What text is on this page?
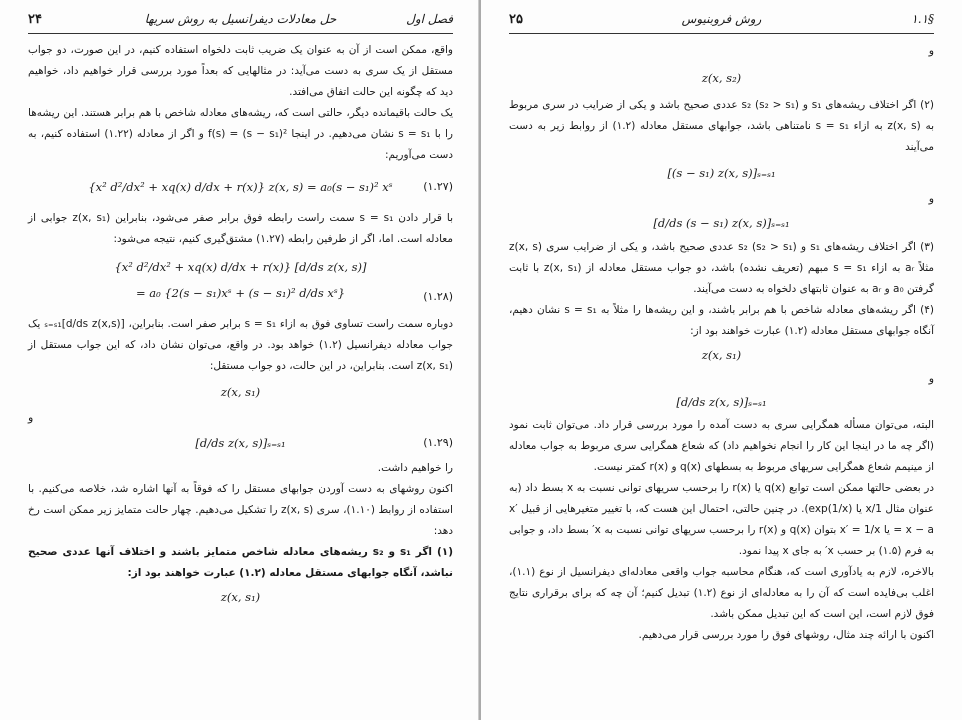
فصل اول
حل معادلات دیفرانسیل به روش سریها
۲۴

واقع، ممکن است از آن به عنوان یک ضریب ثابت دلخواه استفاده کنیم، در این صورت، دو جواب مستقل از یک سری به دست می‌آید: در مثالهایی که بعداً مورد بررسی قرار خواهیم داد، خواهیم دید که چگونه این حالت اتفاق می‌افتد.

یک حالت باقیمانده دیگر، حالتی است که، ریشه‌های معادله شاخص با هم برابر هستند. این ریشه‌ها را با s = s₁ نشان می‌دهیم. در اینجا f(s) = (s − s₁)² و اگر از معادله (۱.۲۲) استفاده کنیم، به دست می‌آوریم:

(۱.۲۷)
{x² d²/dx² + xq(x) d/dx + r(x)} z(x, s) = a₀(s − s₁)² xˢ

با قرار دادن s = s₁ سمت راست رابطه فوق برابر صفر می‌شود، بنابراین z(x, s₁) جوابی از معادله است. اما، اگر از طرفین رابطه (۱.۲۷) مشتق‌گیری کنیم، نتیجه می‌شود:

(۱.۲۸)
{x² d²/dx² + xq(x) d/dx + r(x)} [d/ds z(x, s)]
= a₀ {2(s − s₁)xˢ + (s − s₁)² d/ds xˢ}

دوباره سمت راست تساوی فوق به ازاء s = s₁ برابر صفر است. بنابراین، [d/ds z(x,s)]ₛ₌ₛ₁ یک جواب معادله دیفرانسیل (۱.۲) خواهد بود. در واقع، می‌توان نشان داد، که این جواب مستقل از z(x, s₁) است. بنابراین، در این حالت، دو جواب مستقل:

z(x, s₁)
و
(۱.۲۹)
[d/ds z(x, s)]ₛ₌ₛ₁

را خواهیم داشت.

اکنون روشهای به دست آوردن جوابهای مستقل را که فوقاً به آنها اشاره شد، خلاصه می‌کنیم. با استفاده از روابط (۱.۱۰)، سری z(x, s) را تشکیل می‌دهیم. چهار حالت متمایز زیر ممکن است رخ دهد:

(۱) اگر s₁ و s₂ ریشه‌های معادله شاخص متمایز باشند و اختلاف آنها عددی صحیح نباشد، آنگاه جوابهای مستقل معادله (۱.۲) عبارت خواهند بود از:

z(x, s₁)
§۱.۱
روش فروبنیوس
۲۵
و
z(x, s₂)

(۲) اگر اختلاف ریشه‌های s₁ و s₂ (s₂ > s₁) عددی صحیح باشد و یکی از ضرایب در سری مربوط به z(x, s) به ازاء s = s₁ نامتناهی باشد، جوابهای مستقل معادله (۱.۲) از روابط زیر به دست می‌آیند

[(s − s₁) z(x, s)]ₛ₌ₛ₁
و
[d/ds (s − s₁) z(x, s)]ₛ₌ₛ₁

(۳) اگر اختلاف ریشه‌های s₁ و s₂ (s₂ > s₁) عددی صحیح باشد، و یکی از ضرایب سری z(x, s) مثلاً aᵣ به ازاء s = s₁ مبهم (تعریف نشده) باشد، دو جواب مستقل معادله از z(x, s₁) با ثابت گرفتن a₀ و aᵣ به عنوان ثابتهای دلخواه به دست می‌آیند.

(۴) اگر ریشه‌های معادله شاخص با هم برابر باشند، و این ریشه‌ها را مثلاً به s = s₁ نشان دهیم، آنگاه جوابهای مستقل معادله (۱.۲) عبارت خواهند بود از:

z(x, s₁)
و
[d/ds z(x, s)]ₛ₌ₛ₁

البته، می‌توان مسأله همگرایی سری به دست آمده را مورد بررسی قرار داد. می‌توان ثابت نمود (اگر چه ما در اینجا این کار را انجام نخواهیم داد) که شعاع همگرایی سری مربوط به جواب معادله از مینیمم شعاع همگرایی سریهای مربوط به بسطهای q(x) و r(x) کمتر نیست.

در بعضی حالتها ممکن است توابع q(x) یا r(x) را برحسب سریهای توانی نسبت به x بسط داد (به عنوان مثال 1/x یا exp(1/x)). در چنین حالتی، احتمال این هست که، با تغییر متغیرهایی از قبیل x′ = x − a یا x′ = 1/x بتوان q(x) و r(x) را برحسب سریهای توانی نسبت به x′ بسط داد، و جوابی به فرم (۱.۵) بر حسب x′ به جای x پیدا نمود.

بالاخره، لازم به یادآوری است که، هنگام محاسبه جواب واقعی معادله‌ای دیفرانسیل از نوع (۱.۱)، اغلب بی‌فایده است که آن را به معادله‌ای از نوع (۱.۲) تبدیل کنیم؛ آن چه که برای برقراری نتایج فوق لازم است، این است که این تبدیل ممکن باشد.

اکنون با ارائه چند مثال، روشهای فوق را مورد بررسی قرار می‌دهیم.
